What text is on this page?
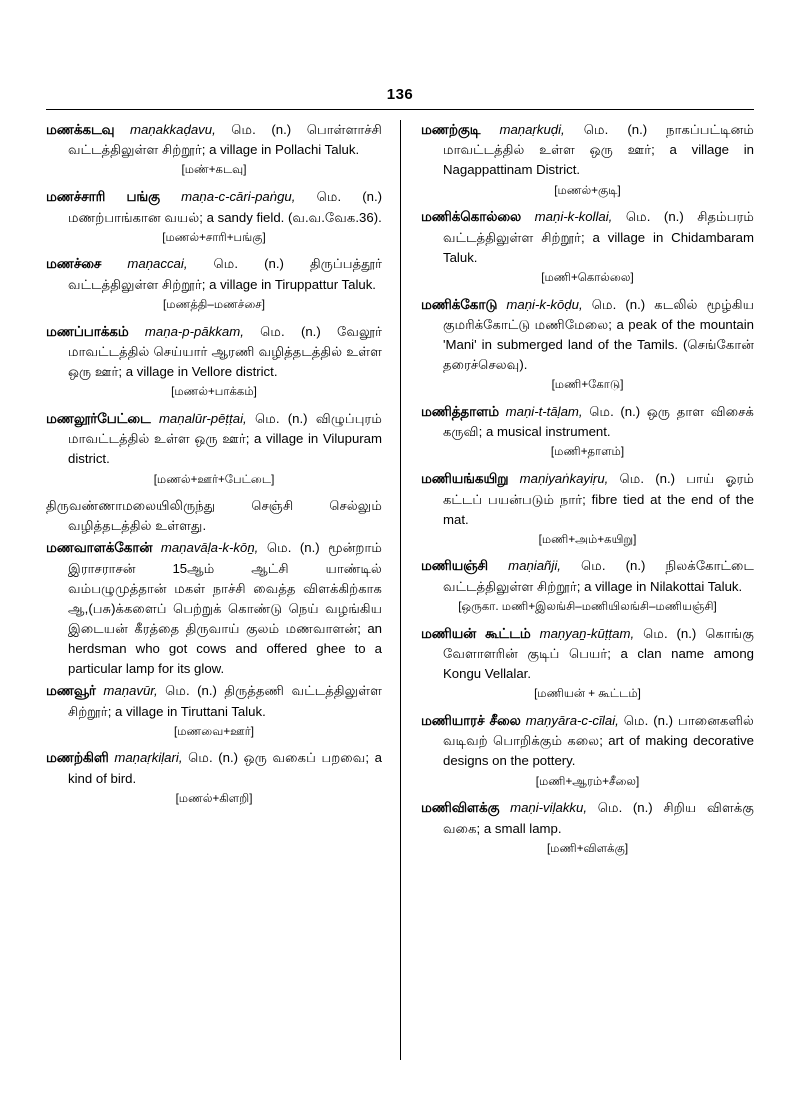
136

மணக்கடவு maṇakkaḍavu, மெ. (n.) பொள்ளாச்சி வட்டத்திலுள்ள சிற்றூர்; a village in Pollachi Taluk.

[மண்+கடவு]

மணச்சாரி பங்கு maṇa-c-cāri-paṅgu, மெ. (n.) மணற்பாங்கான வயல்; a sandy field. (வ.வ.வேக.36).

[மணல்+சாரி+பங்கு]

மணச்சை maṇaccai, மெ. (n.) திருப்பத்தூர் வட்டத்திலுள்ள சிற்றூர்; a village in Tiruppattur Taluk.

[மணத்தி–மணச்சை]

மணப்பாக்கம் maṇa-p-pākkam, மெ. (n.) வேலூர் மாவட்டத்தில் செய்யார் ஆரணி வழித்தடத்தில் உள்ள ஒரு ஊர்; a village in Vellore district.

[மணல்+பாக்கம்]

மணலூர்பேட்டை maṇalūr-pēṭṭai, மெ. (n.) விழுப்புரம் மாவட்டத்தில் உள்ள ஒரு ஊர்; a village in Vilupuram district.

[மணல்+ஊர்+பேட்டை]

திருவண்ணாமலையிலிருந்து செஞ்சி செல்லும் வழித்தடத்தில் உள்ளது.

மணவாளக்கோன் maṇavāḷa-k-kōṉ, மெ. (n.) மூன்றாம் இராசராசன் 15ஆம் ஆட்சி யாண்டில் வம்பழுமுத்தான் மகள் நாச்சி வைத்த விளக்கிற்காக ஆ,(பசு)க்களைப் பெற்றுக் கொண்டு நெய் வழங்கிய இடையன் கீரத்தை திருவாய் குலம் மணவாளன்; an herdsman who got cows and offered ghee to a particular lamp for its glow.

மணவூர் maṇavūr, மெ. (n.) திருத்தணி வட்டத்திலுள்ள சிற்றூர்; a village in Tiruttani Taluk.

[மணவை+ஊர்]

மணற்கிளி maṇaṛkiḷari, மெ. (n.) ஒரு வகைப் பறவை; a kind of bird.

[மணல்+கிளறி]

மணற்குடி maṇaṛkuḍi, மெ. (n.) நாகப்பட்டினம் மாவட்டத்தில் உள்ள ஒரு ஊர்; a village in Nagappattinam District.

[மணல்+குடி]

மணிக்கொல்லை maṇi-k-kollai, மெ. (n.) சிதம்பரம் வட்டத்திலுள்ள சிற்றூர்; a village in Chidambaram Taluk.

[மணி+கொல்லை]

மணிக்கோடு maṇi-k-kōḍu, மெ. (n.) கடலில் மூழ்கிய குமரிக்கோட்டு மணிமேலை; a peak of the mountain 'Mani' in submerged land of the Tamils. (செங்கோன் தரைச்செலவு).

[மணி+கோடு]

மணித்தாளம் maṇi-t-tāḷam, மெ. (n.) ஒரு தாள விசைக் கருவி; a musical instrument.

[மணி+தாளம்]

மணியங்கயிறு maṇiyaṅkayiṛu, மெ. (n.) பாய் ஓரம் கட்டப் பயன்படும் நார்; fibre tied at the end of the mat.

[மணி+அம்+கயிறு]

மணியஞ்சி maṇiañji, மெ. (n.) நிலக்கோட்டை வட்டத்திலுள்ள சிற்றூர்; a village in Nilakottai Taluk.

[ஒருகா. மணி+இலங்சி–மணியிலங்சி–மணியஞ்சி]

மணியன் கூட்டம் maṇyaṉ-kūṭṭam, மெ. (n.) கொங்கு வேளாளரின் குடிப் பெயர்; a clan name among Kongu Vellalar.

[மணியன் + கூட்டம்]

மணியாரச் சீலை maṇyāra-c-cīlai, மெ. (n.) பானைகளில் வடிவற் பொறிக்கும் கலை; art of making decorative designs on the pottery.

[மணி+ஆரம்+சீலை]

மணிவிளக்கு maṇi-viḷakku, மெ. (n.) சிறிய விளக்கு வகை; a small lamp.

[மணி+விளக்கு]
